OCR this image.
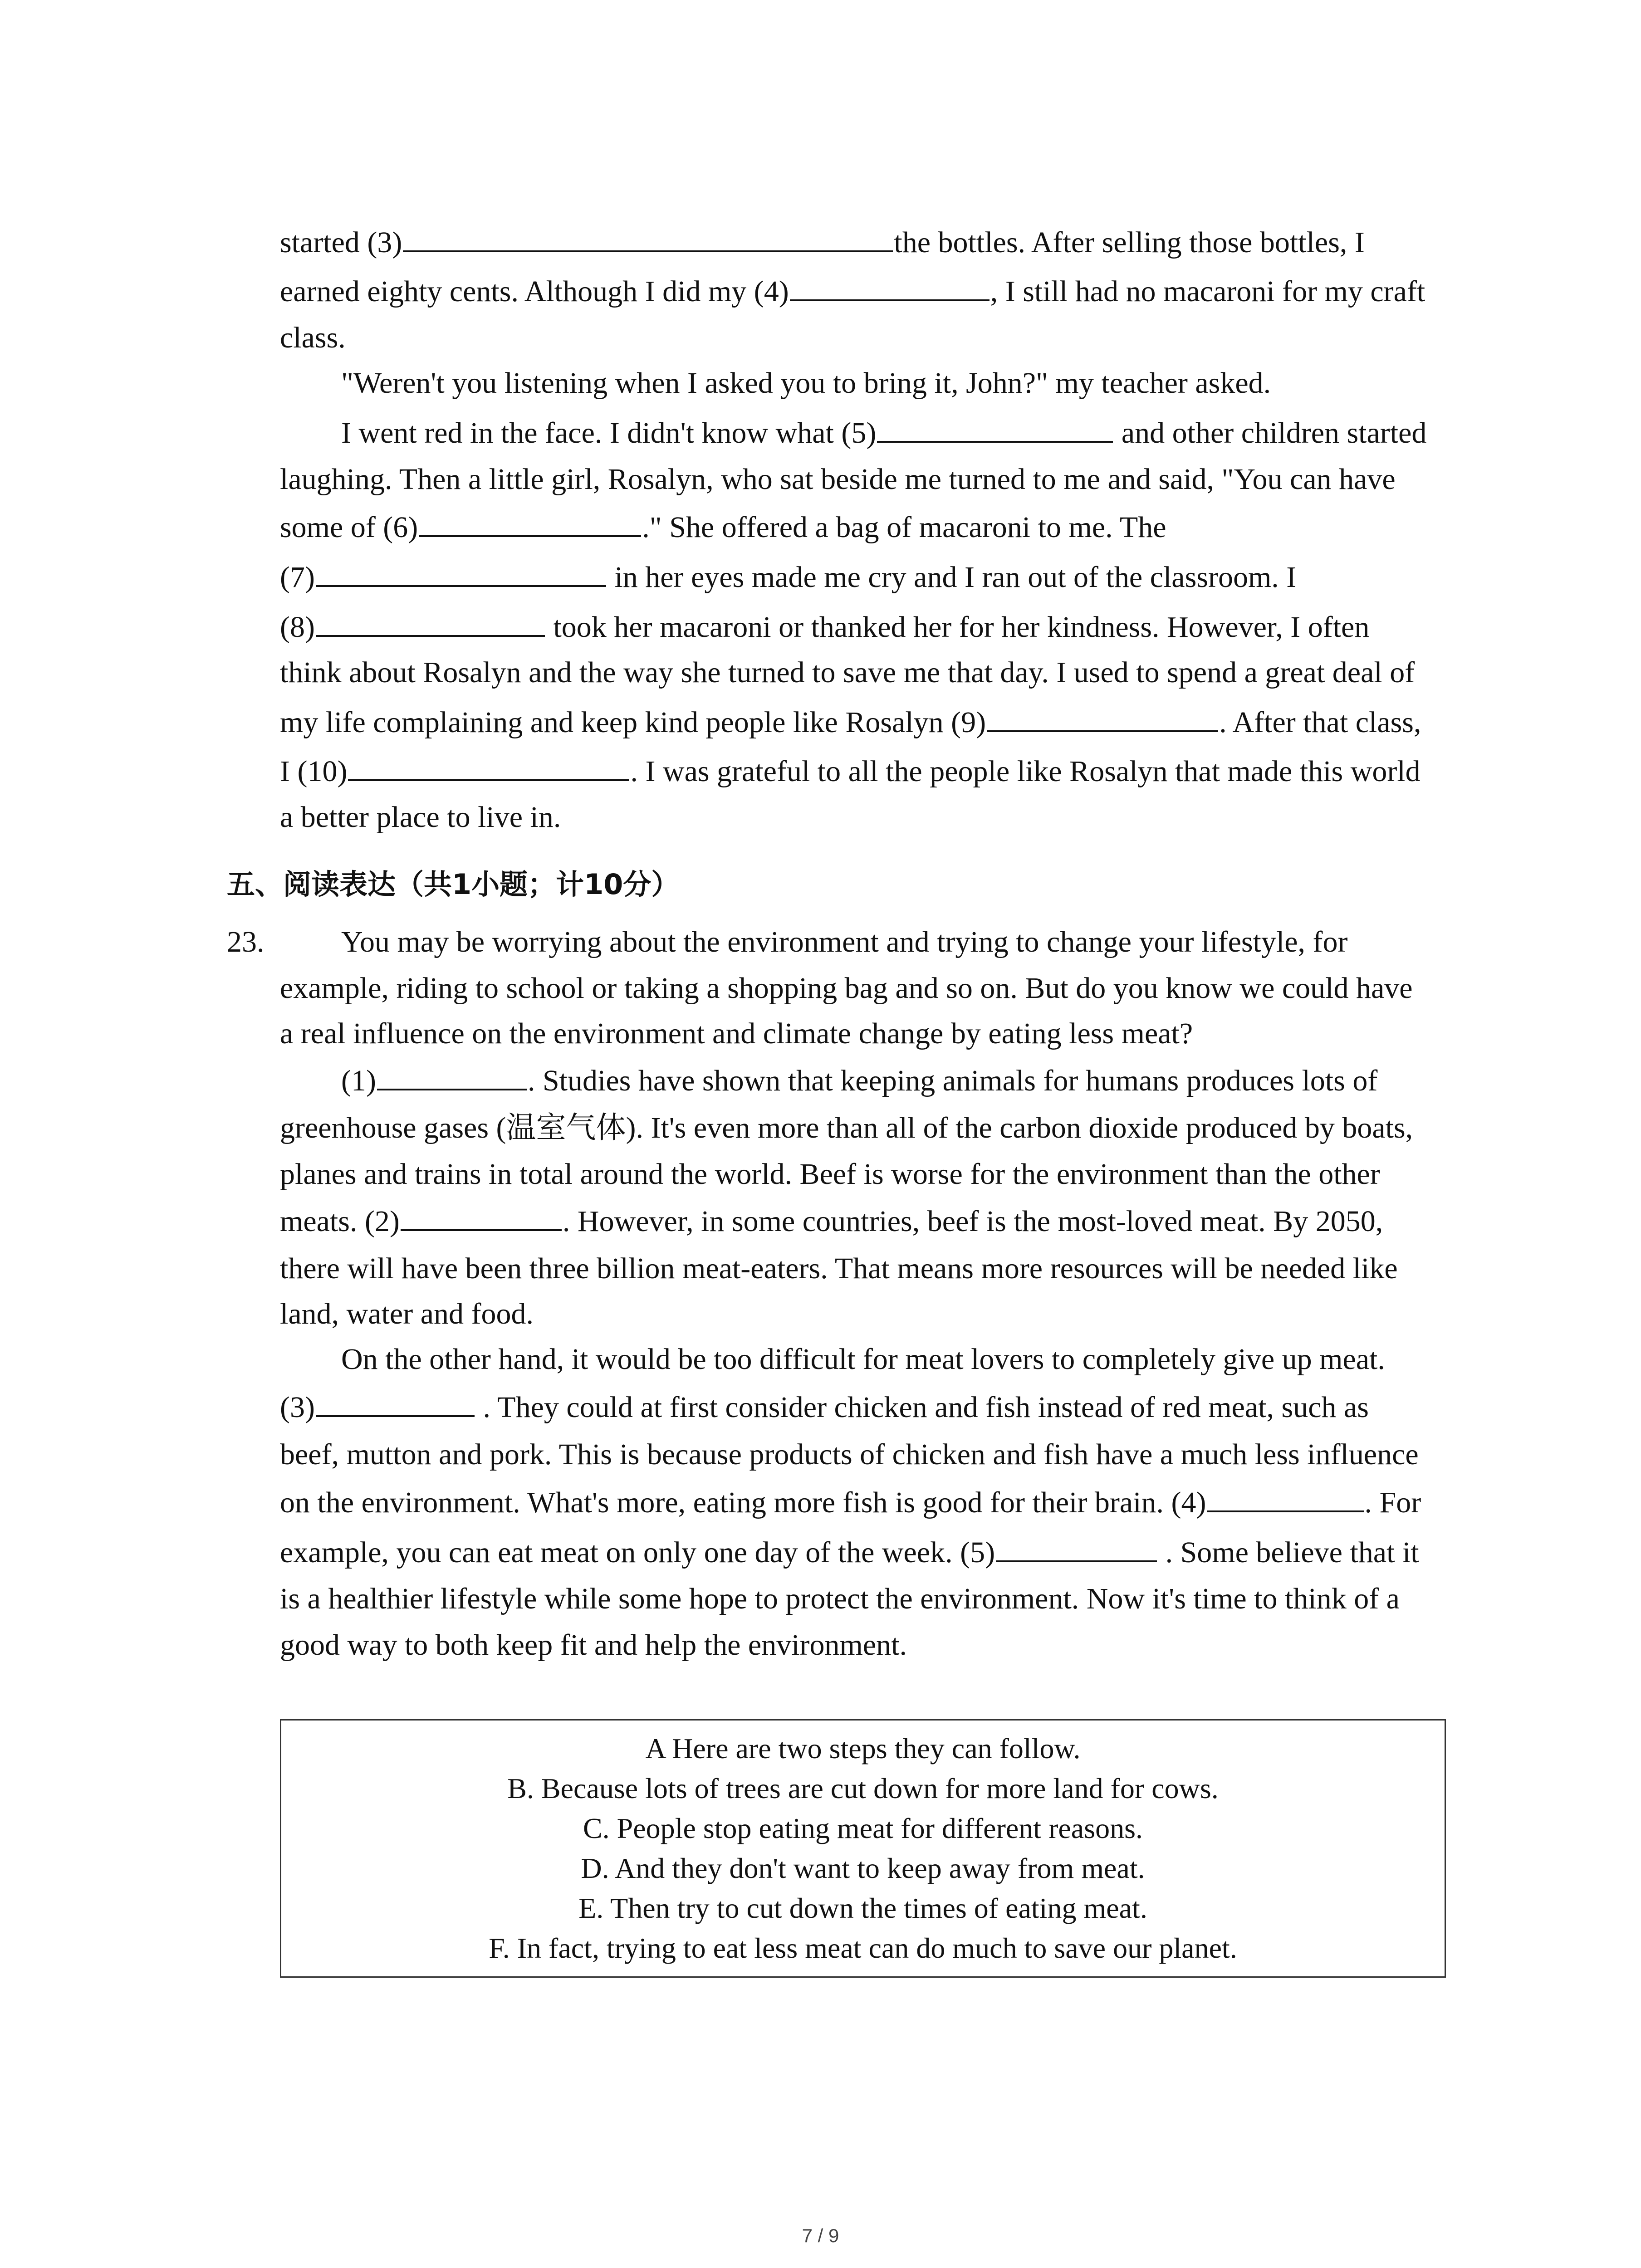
started (3)	the bottles. After selling those bottles, I
earned eighty cents. Although I did my (4)	, I still had no macaroni for my craft
class.
"Weren't you listening when I asked you to bring it, John?" my teacher asked.
I went red in the face. I didn't know what (5)	and other children started
laughing. Then a little girl, Rosalyn, who sat beside me turned to me and said, "You can have
some of (6)	." She offered a bag of macaroni to me. The
(7)	in her eyes made me cry and I ran out of the classroom. I
(8)	took her macaroni or thanked her for her kindness. However, I often
think about Rosalyn and the way she turned to save me that day. I used to spend a great deal of
my life complaining and keep kind people like Rosalyn (9)	. After that class,
I (10)	. I was grateful to all the people like Rosalyn that made this world
a better place to live in.
五、阅读表达（共1小题；计10分）
23.	You may be worrying about the environment and trying to change your lifestyle, for
example, riding to school or taking a shopping bag and so on. But do you know we could have
a real influence on the environment and climate change by eating less meat?
(1)	. Studies have shown that keeping animals for humans produces lots of
greenhouse gases (温室气体). It's even more than all of the carbon dioxide produced by boats,
planes and trains in total around the world. Beef is worse for the environment than the other
meats. (2)	. However, in some countries, beef is the most-loved meat. By 2050,
there will have been three billion meat-eaters. That means more resources will be needed like
land, water and food.
On the other hand, it would be too difficult for meat lovers to completely give up meat.
(3)	. They could at first consider chicken and fish instead of red meat, such as
beef, mutton and pork. This is because products of chicken and fish have a much less influence
on the environment. What's more, eating more fish is good for their brain. (4)	. For
example, you can eat meat on only one day of the week. (5)	. Some believe that it
is a healthier lifestyle while some hope to protect the environment. Now it's time to think of a
good way to both keep fit and help the environment.
A Here are two steps they can follow.
B. Because lots of trees are cut down for more land for cows.
C. People stop eating meat for different reasons.
D. And they don't want to keep away from meat.
E. Then try to cut down the times of eating meat.
F. In fact, trying to eat less meat can do much to save our planet.
7 / 9
